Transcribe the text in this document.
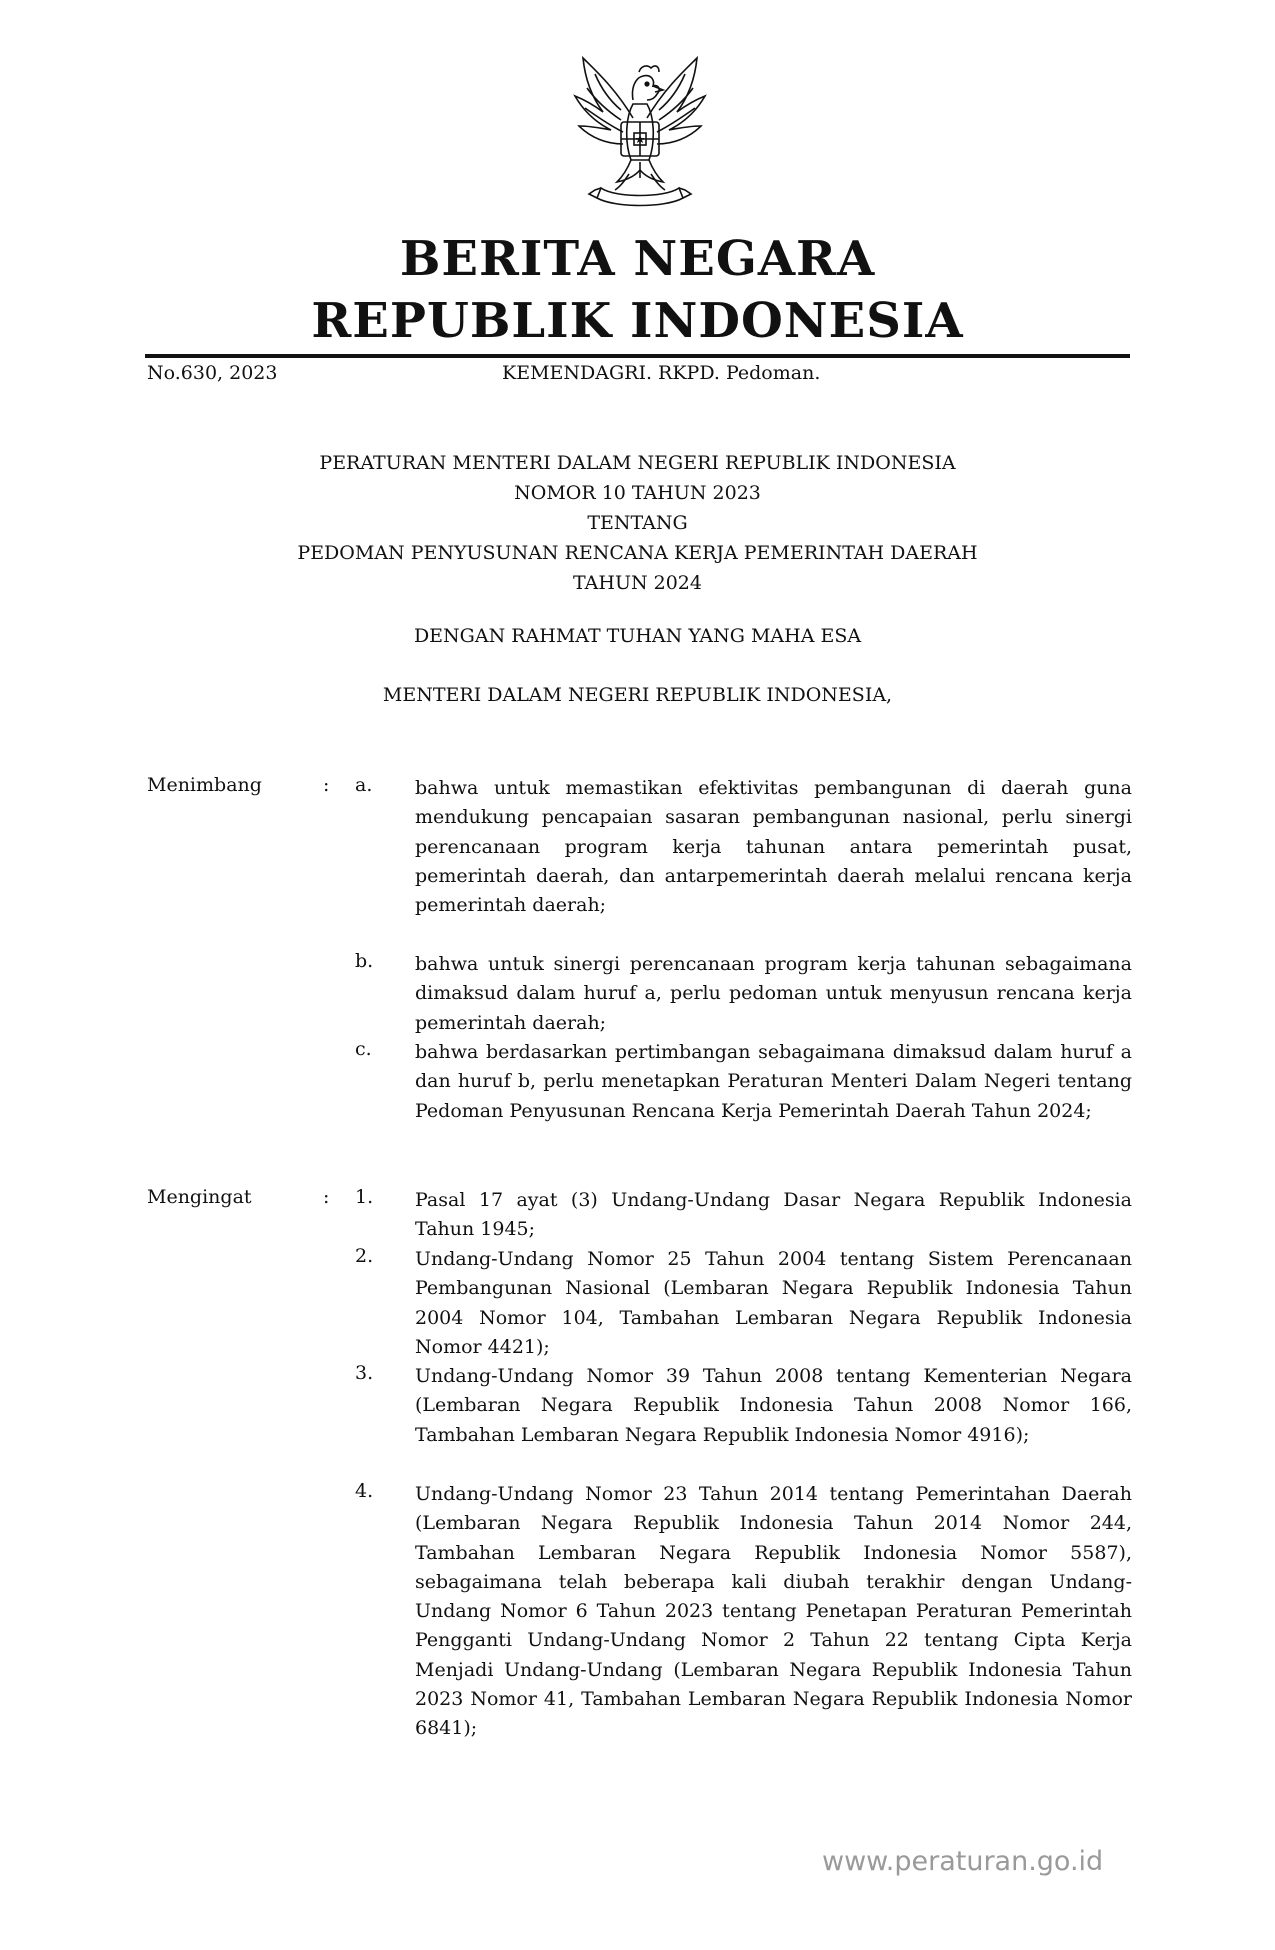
BERITA NEGARA
REPUBLIK INDONESIA
No.630, 2023	KEMENDAGRI. RKPD. Pedoman.
PERATURAN MENTERI DALAM NEGERI REPUBLIK INDONESIA
NOMOR 10 TAHUN 2023
TENTANG
PEDOMAN PENYUSUNAN RENCANA KERJA PEMERINTAH DAERAH
TAHUN 2024
DENGAN RAHMAT TUHAN YANG MAHA ESA
MENTERI DALAM NEGERI REPUBLIK INDONESIA,
Menimbang	: a.	bahwa untuk memastikan efektivitas pembangunan di daerah guna mendukung pencapaian sasaran pembangunan nasional, perlu sinergi perencanaan program kerja tahunan antara pemerintah pusat, pemerintah daerah, dan antarpemerintah daerah melalui rencana kerja pemerintah daerah;
b.	bahwa untuk sinergi perencanaan program kerja tahunan sebagaimana dimaksud dalam huruf a, perlu pedoman untuk menyusun rencana kerja pemerintah daerah;
c.	bahwa berdasarkan pertimbangan sebagaimana dimaksud dalam huruf a dan huruf b, perlu menetapkan Peraturan Menteri Dalam Negeri tentang Pedoman Penyusunan Rencana Kerja Pemerintah Daerah Tahun 2024;
Mengingat	: 1.	Pasal 17 ayat (3) Undang-Undang Dasar Negara Republik Indonesia Tahun 1945;
2.	Undang-Undang Nomor 25 Tahun 2004 tentang Sistem Perencanaan Pembangunan Nasional (Lembaran Negara Republik Indonesia Tahun 2004 Nomor 104, Tambahan Lembaran Negara Republik Indonesia Nomor 4421);
3.	Undang-Undang Nomor 39 Tahun 2008 tentang Kementerian Negara (Lembaran Negara Republik Indonesia Tahun 2008 Nomor 166, Tambahan Lembaran Negara Republik Indonesia Nomor 4916);
4.	Undang-Undang Nomor 23 Tahun 2014 tentang Pemerintahan Daerah (Lembaran Negara Republik Indonesia Tahun 2014 Nomor 244, Tambahan Lembaran Negara Republik Indonesia Nomor 5587), sebagaimana telah beberapa kali diubah terakhir dengan Undang-Undang Nomor 6 Tahun 2023 tentang Penetapan Peraturan Pemerintah Pengganti Undang-Undang Nomor 2 Tahun 22 tentang Cipta Kerja Menjadi Undang-Undang (Lembaran Negara Republik Indonesia Tahun 2023 Nomor 41, Tambahan Lembaran Negara Republik Indonesia Nomor 6841);
www.peraturan.go.id
